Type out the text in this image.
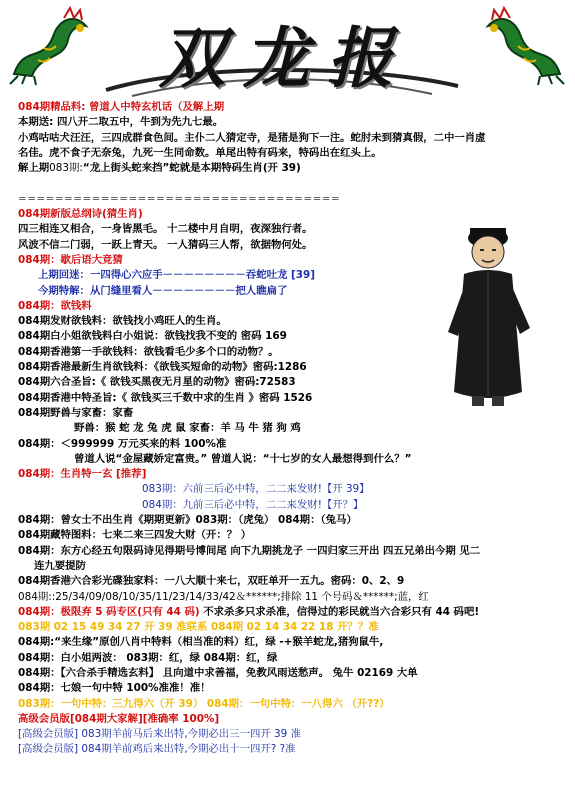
双龙报
084期精品料: 曾道人中特玄机话（及解上期
本期送: 四八开二取五中，牛到为先九七最。
小鸡咕咕犬汪汪，三四成群食色间。主仆二人猜定寺，是猪是狗下一注。蛇肘未到猜真假，二中一肖虚
名佳。虎不食子无奈兔，九死一生同命数。单尾出特有码来，特码出在红头上。
解上期083期:“龙上街头蛇来挡”蛇就是本期特码生肖(开 39)
===================================
084期新版总纲诗(猜生肖)
四三相连又相合，一身皆黑毛。 十二楼中月自明，夜深独行者。
风波不信二门弱，一跃上青天。 一人猜码三人帮，欲据物何处。
084期：歇后语大竞猜
上期回迷：一四得心六应手－－－－－－－－吞蛇吐龙 [39]
今期特解：从门缝里看人－－－－－－－－把人瞧扁了
084期：欲钱料
084期发财欲钱料：欲钱找小鸡旺人的生肖。
084期白小姐欲钱料白小姐说：欲钱找我不变的 密码 169
084期香港第一手欲钱料：欲钱看毛少多个口的动物？。
084期香港最新生肖欲钱料：《欲钱买短命的动物》密码:1286
084期六合圣旨:《 欲钱买黑夜无月星的动物》密码:72583
084期香港中特圣旨:《 欲钱买三千数中求的生肖 》密码 1526
084期野兽与家畜：家畜
野兽：猴 蛇 龙 兔 虎 鼠 家畜：羊 马 牛 猪 狗 鸡
084期：＜999999 万元买来的料 100%准
曾道人说“金屋藏娇定富贵。” 曾道人说：“十七岁的女人最想得到什么？”
084期：生肖特一玄 [推荐]
083期：六前三后必中特，二二来发财!【开 39】
084期：九前三后必中特，二二来发财!【开？】
084期：曾女士不出生肖《期期更新》083期：（虎兔） 084期：（兔马）
084期藏特图料：七来二来三四发大财（开：？ ）
084期：东方心经五句限码诗见得期号博间尾 向下九期挑龙子 一四归家三开出 四五兄弟出今期 见二
连九要提防
084期香港六合彩光碟独家料：一八大顺十来七，双旺单开一五九。密码：0、2、9
084期::25/34/09/08/10/35/11/23/14/33/42＆******;排除 11 个号码＆******;蓝，红
084期：极限弃 5 码专区(只有 44 码) 不求杀多只求杀准，信得过的彩民就当六合彩只有 44 码吧!
083期 02 15 49 34 27 开 39 准联系 084期 02 14 34 22 18 开？？准
084期:“来生缘”原创八肖中特料（相当准的料）红，绿 -+猴羊蛇龙,猪狗鼠牛,
084期：白小姐两波： 083期：红，绿 084期：红，绿
084期：【六合杀手精选玄料】 且向道中求善福，免教风雨送愁声。 兔牛 02169 大单
084期：七娘一句中特 100%准准！准！
083期：一句中特：三九得六（开 39） 084期：一句中特：一八得六 （开??）
高级会员版[084期大家解][准确率 100%]
[高级会员版] 083期羊前马后来出特,今期必出三一四开 39 准
[高级会员版] 084期羊前鸡后来出特,今期必出十一四开? ?准
